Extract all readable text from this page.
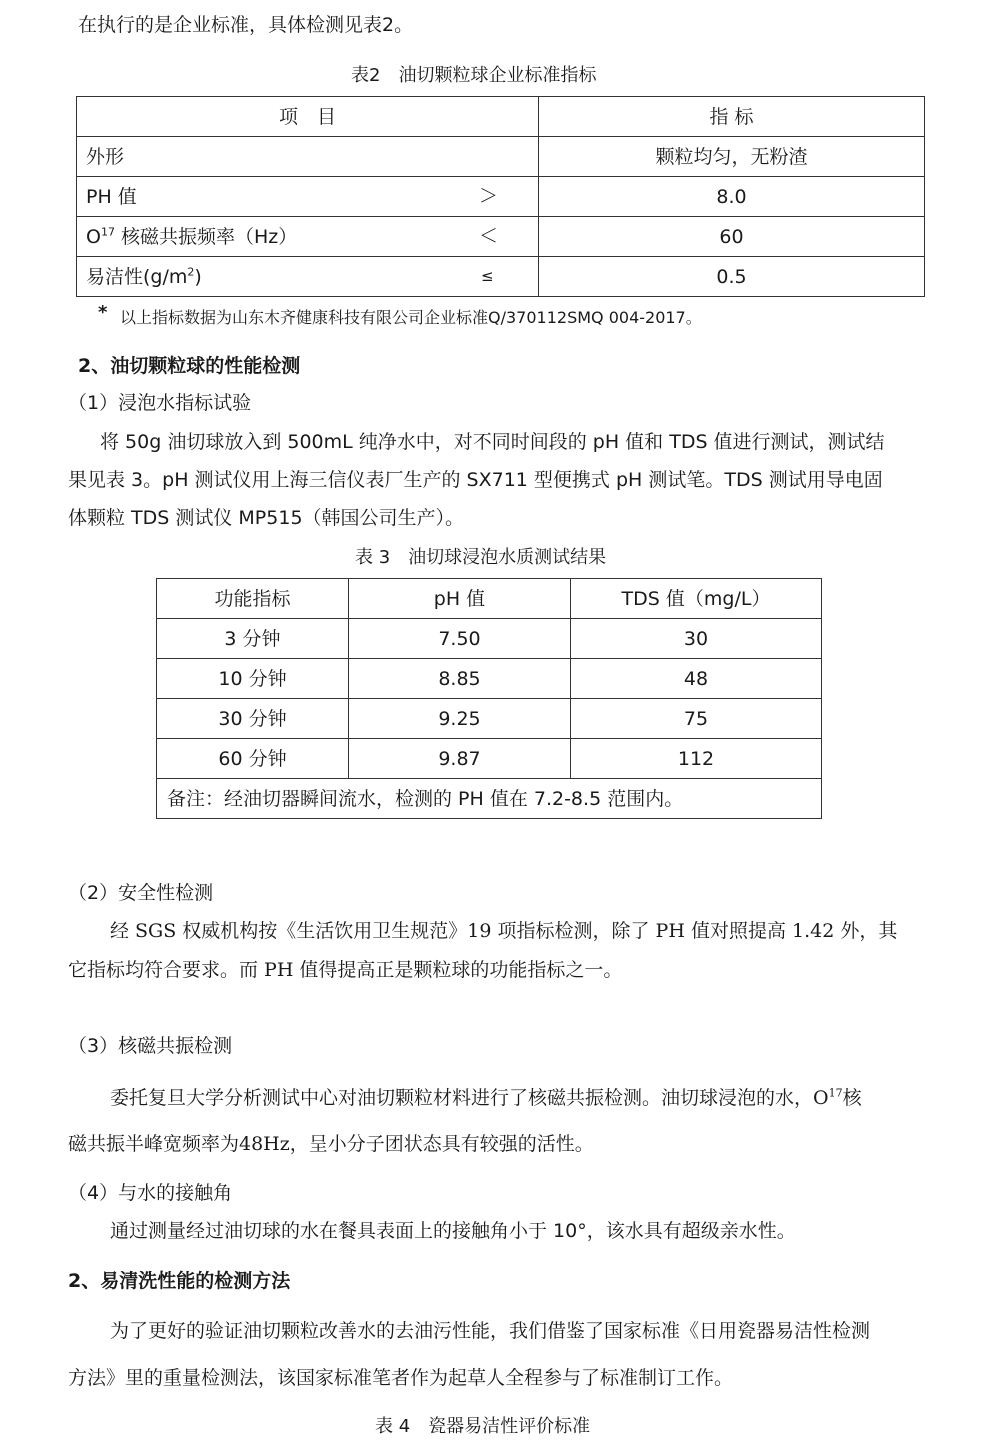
在执行的是企业标准，具体检测见表2。
表2　油切颗粒球企业标准指标
项　目	指 标
外形	颗粒均匀，无粉渣
PH 值 ＞	8.0
$O^{17}$ 核磁共振频率（Hz） ＜	60
易洁性$(g/m^2)$ ≤	0.5
* 以上指标数据为山东木齐健康科技有限公司企业标准Q/370112SMQ 004-2017。
2、油切颗粒球的性能检测
（1）浸泡水指标试验
将 50g 油切球放入到 500mL 纯净水中，对不同时间段的 pH 值和 TDS 值进行测试，测试结
果见表 3。pH 测试仪用上海三信仪表厂生产的 SX711 型便携式 pH 测试笔。TDS 测试用导电固
体颗粒 TDS 测试仪 MP515（韩国公司生产）。
表 3　油切球浸泡水质测试结果
功能指标	pH 值	TDS 值（mg/L）
3 分钟	7.50	30
10 分钟	8.85	48
30 分钟	9.25	75
60 分钟	9.87	112
备注：经油切器瞬间流水，检测的 PH 值在 7.2-8.5 范围内。		
（2）安全性检测
经 SGS 权威机构按《生活饮用卫生规范》19 项指标检测，除了 PH 值对照提高 1.42 外，其
它指标均符合要求。而 PH 值得提高正是颗粒球的功能指标之一。
（3）核磁共振检测
委托复旦大学分析测试中心对油切颗粒材料进行了核磁共振检测。油切球浸泡的水，$O^{17}$核
磁共振半峰宽频率为48Hz，呈小分子团状态具有较强的活性。
（4）与水的接触角
通过测量经过油切球的水在餐具表面上的接触角小于 10°，该水具有超级亲水性。
2、易清洗性能的检测方法
为了更好的验证油切颗粒改善水的去油污性能，我们借鉴了国家标准《日用瓷器易洁性检测
方法》里的重量检测法，该国家标准笔者作为起草人全程参与了标准制订工作。
表 4　瓷器易洁性评价标准
